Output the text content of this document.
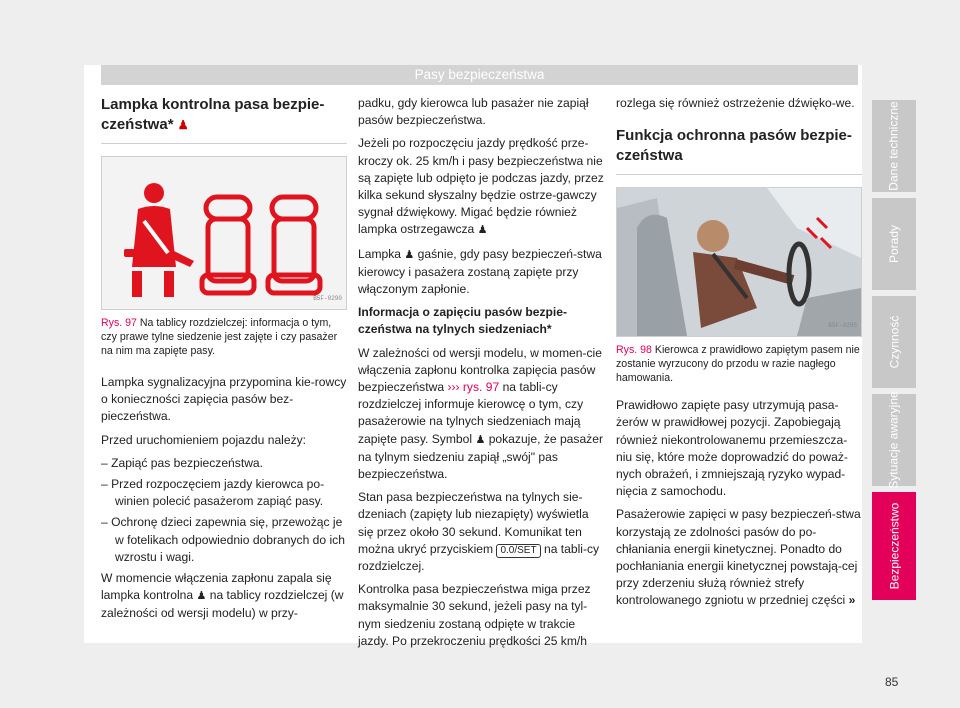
Pasy bezpieczeństwa
Dane techniczne
Porady
Czynność
Sytuacje awaryjne
Bezpieczeństwo
85
Lampka kontrolna pasa bezpie-czeństwa* ♟
B5F-0290
Rys. 97 Na tablicy rozdzielczej: informacja o tym, czy prawe tylne siedzenie jest zajęte i czy pasażer na nim ma zapięte pasy.

Lampka sygnalizacyjna przypomina kie-rowcy o konieczności zapięcia pasów bez-pieczeństwa.

Przed uruchomieniem pojazdu należy:

– Zapiąć pas bezpieczeństwa.

– Przed rozpoczęciem jazdy kierowca po-winien polecić pasażerom zapiąć pasy.

– Ochronę dzieci zapewnia się, przewożąc je w fotelikach odpowiednio dobranych do ich wzrostu i wagi.

W momencie włączenia zapłonu zapala się lampka kontrolna ♟ na tablicy rozdzielczej (w zależności od wersji modelu) w przy-

padku, gdy kierowca lub pasażer nie zapiął pasów bezpieczeństwa.

Jeżeli po rozpoczęciu jazdy prędkość prze-kroczy ok. 25 km/h i pasy bezpieczeństwa nie są zapięte lub odpięto je podczas jazdy, przez kilka sekund słyszalny będzie ostrze-gawczy sygnał dźwiękowy. Migać będzie również lampka ostrzegawcza ♟

Lampka ♟ gaśnie, gdy pasy bezpieczeń-stwa kierowcy i pasażera zostaną zapięte przy włączonym zapłonie.

Informacja o zapięciu pasów bezpie-czeństwa na tylnych siedzeniach*

W zależności od wersji modelu, w momen-cie włączenia zapłonu kontrolka zapięcia pasów bezpieczeństwa ››› rys. 97 na tabli-cy rozdzielczej informuje kierowcę o tym, czy pasażerowie na tylnych siedzeniach mają zapięte pasy. Symbol ♟ pokazuje, że pasażer na tylnym siedzeniu zapiął „swój" pas bezpieczeństwa.

Stan pasa bezpieczeństwa na tylnych sie-dzeniach (zapięty lub niezapięty) wyświetla się przez około 30 sekund. Komunikat ten można ukryć przyciskiem 0.0/SET na tabli-cy rozdzielczej.

Kontrolka pasa bezpieczeństwa miga przez maksymalnie 30 sekund, jeżeli pasy na tyl-nym siedzeniu zostaną odpięte w trakcie jazdy. Po przekroczeniu prędkości 25 km/h

rozlega się również ostrzeżenie dźwięko-we.

Funkcja ochronna pasów bezpie-czeństwa
B5F-0295
Rys. 98 Kierowca z prawidłowo zapiętym pasem nie zostanie wyrzucony do przodu w razie nagłego hamowania.

Prawidłowo zapięte pasy utrzymują pasa-żerów w prawidłowej pozycji. Zapobiegają również niekontrolowanemu przemieszcza-niu się, które może doprowadzić do poważ-nych obrażeń, i zmniejszają ryzyko wypad-nięcia z samochodu.

Pasażerowie zapięci w pasy bezpieczeń-stwa korzystają ze zdolności pasów do po-chłaniania energii kinetycznej. Ponadto do pochłaniania energii kinetycznej powstają-cej przy zderzeniu służą również strefy kontrolowanego zgniotu w przedniej części »
